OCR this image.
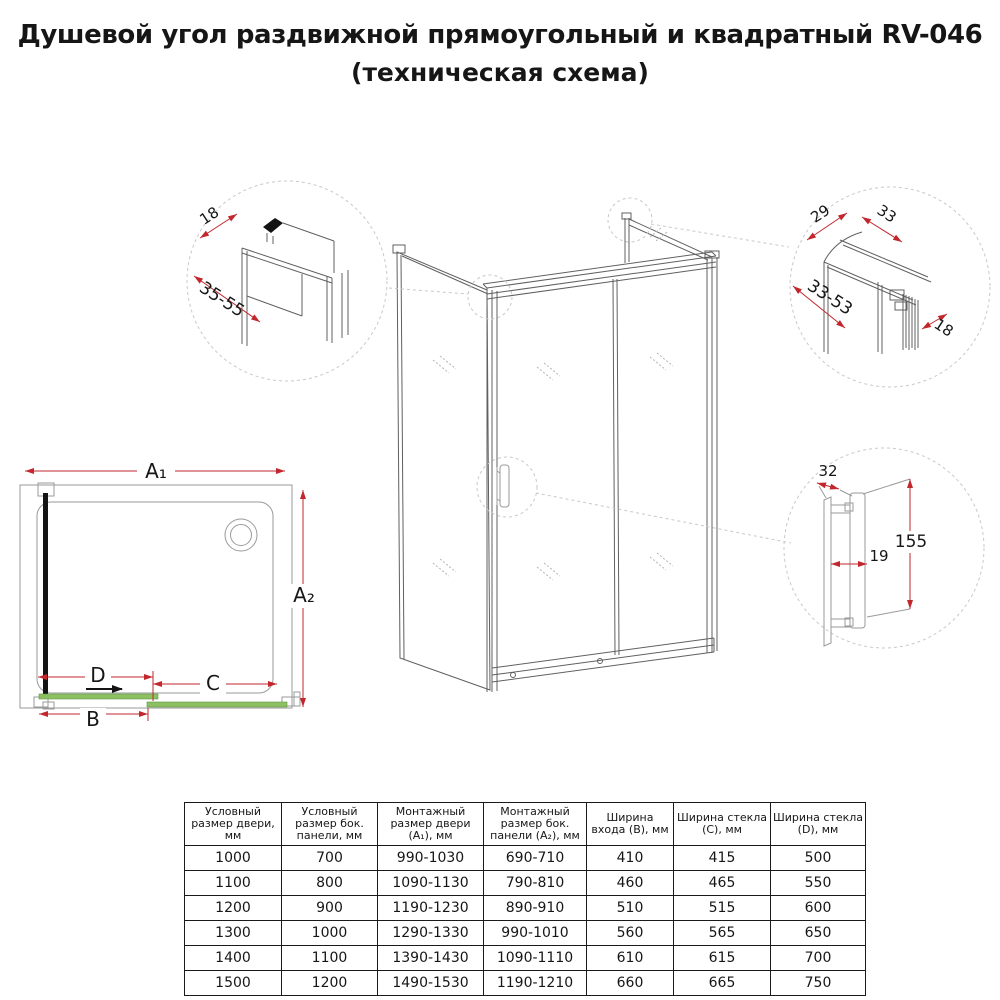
Душевой угол раздвижной прямоугольный и квадратный RV-046
(техническая схема)
18
35-55
29	33
33-53
18
32
155
19
A₁
A₂
D	C
B
Условный размер двери, мм	Условный размер бок. панели, мм	Монтажный размер двери (A₁), мм	Монтажный размер бок. панели (A₂), мм	Ширина входа (B), мм	Ширина стекла (C), мм	Ширина стекла (D), мм
1000	700	990-1030	690-710	410	415	500
1100	800	1090-1130	790-810	460	465	550
1200	900	1190-1230	890-910	510	515	600
1300	1000	1290-1330	990-1010	560	565	650
1400	1100	1390-1430	1090-1110	610	615	700
1500	1200	1490-1530	1190-1210	660	665	750
